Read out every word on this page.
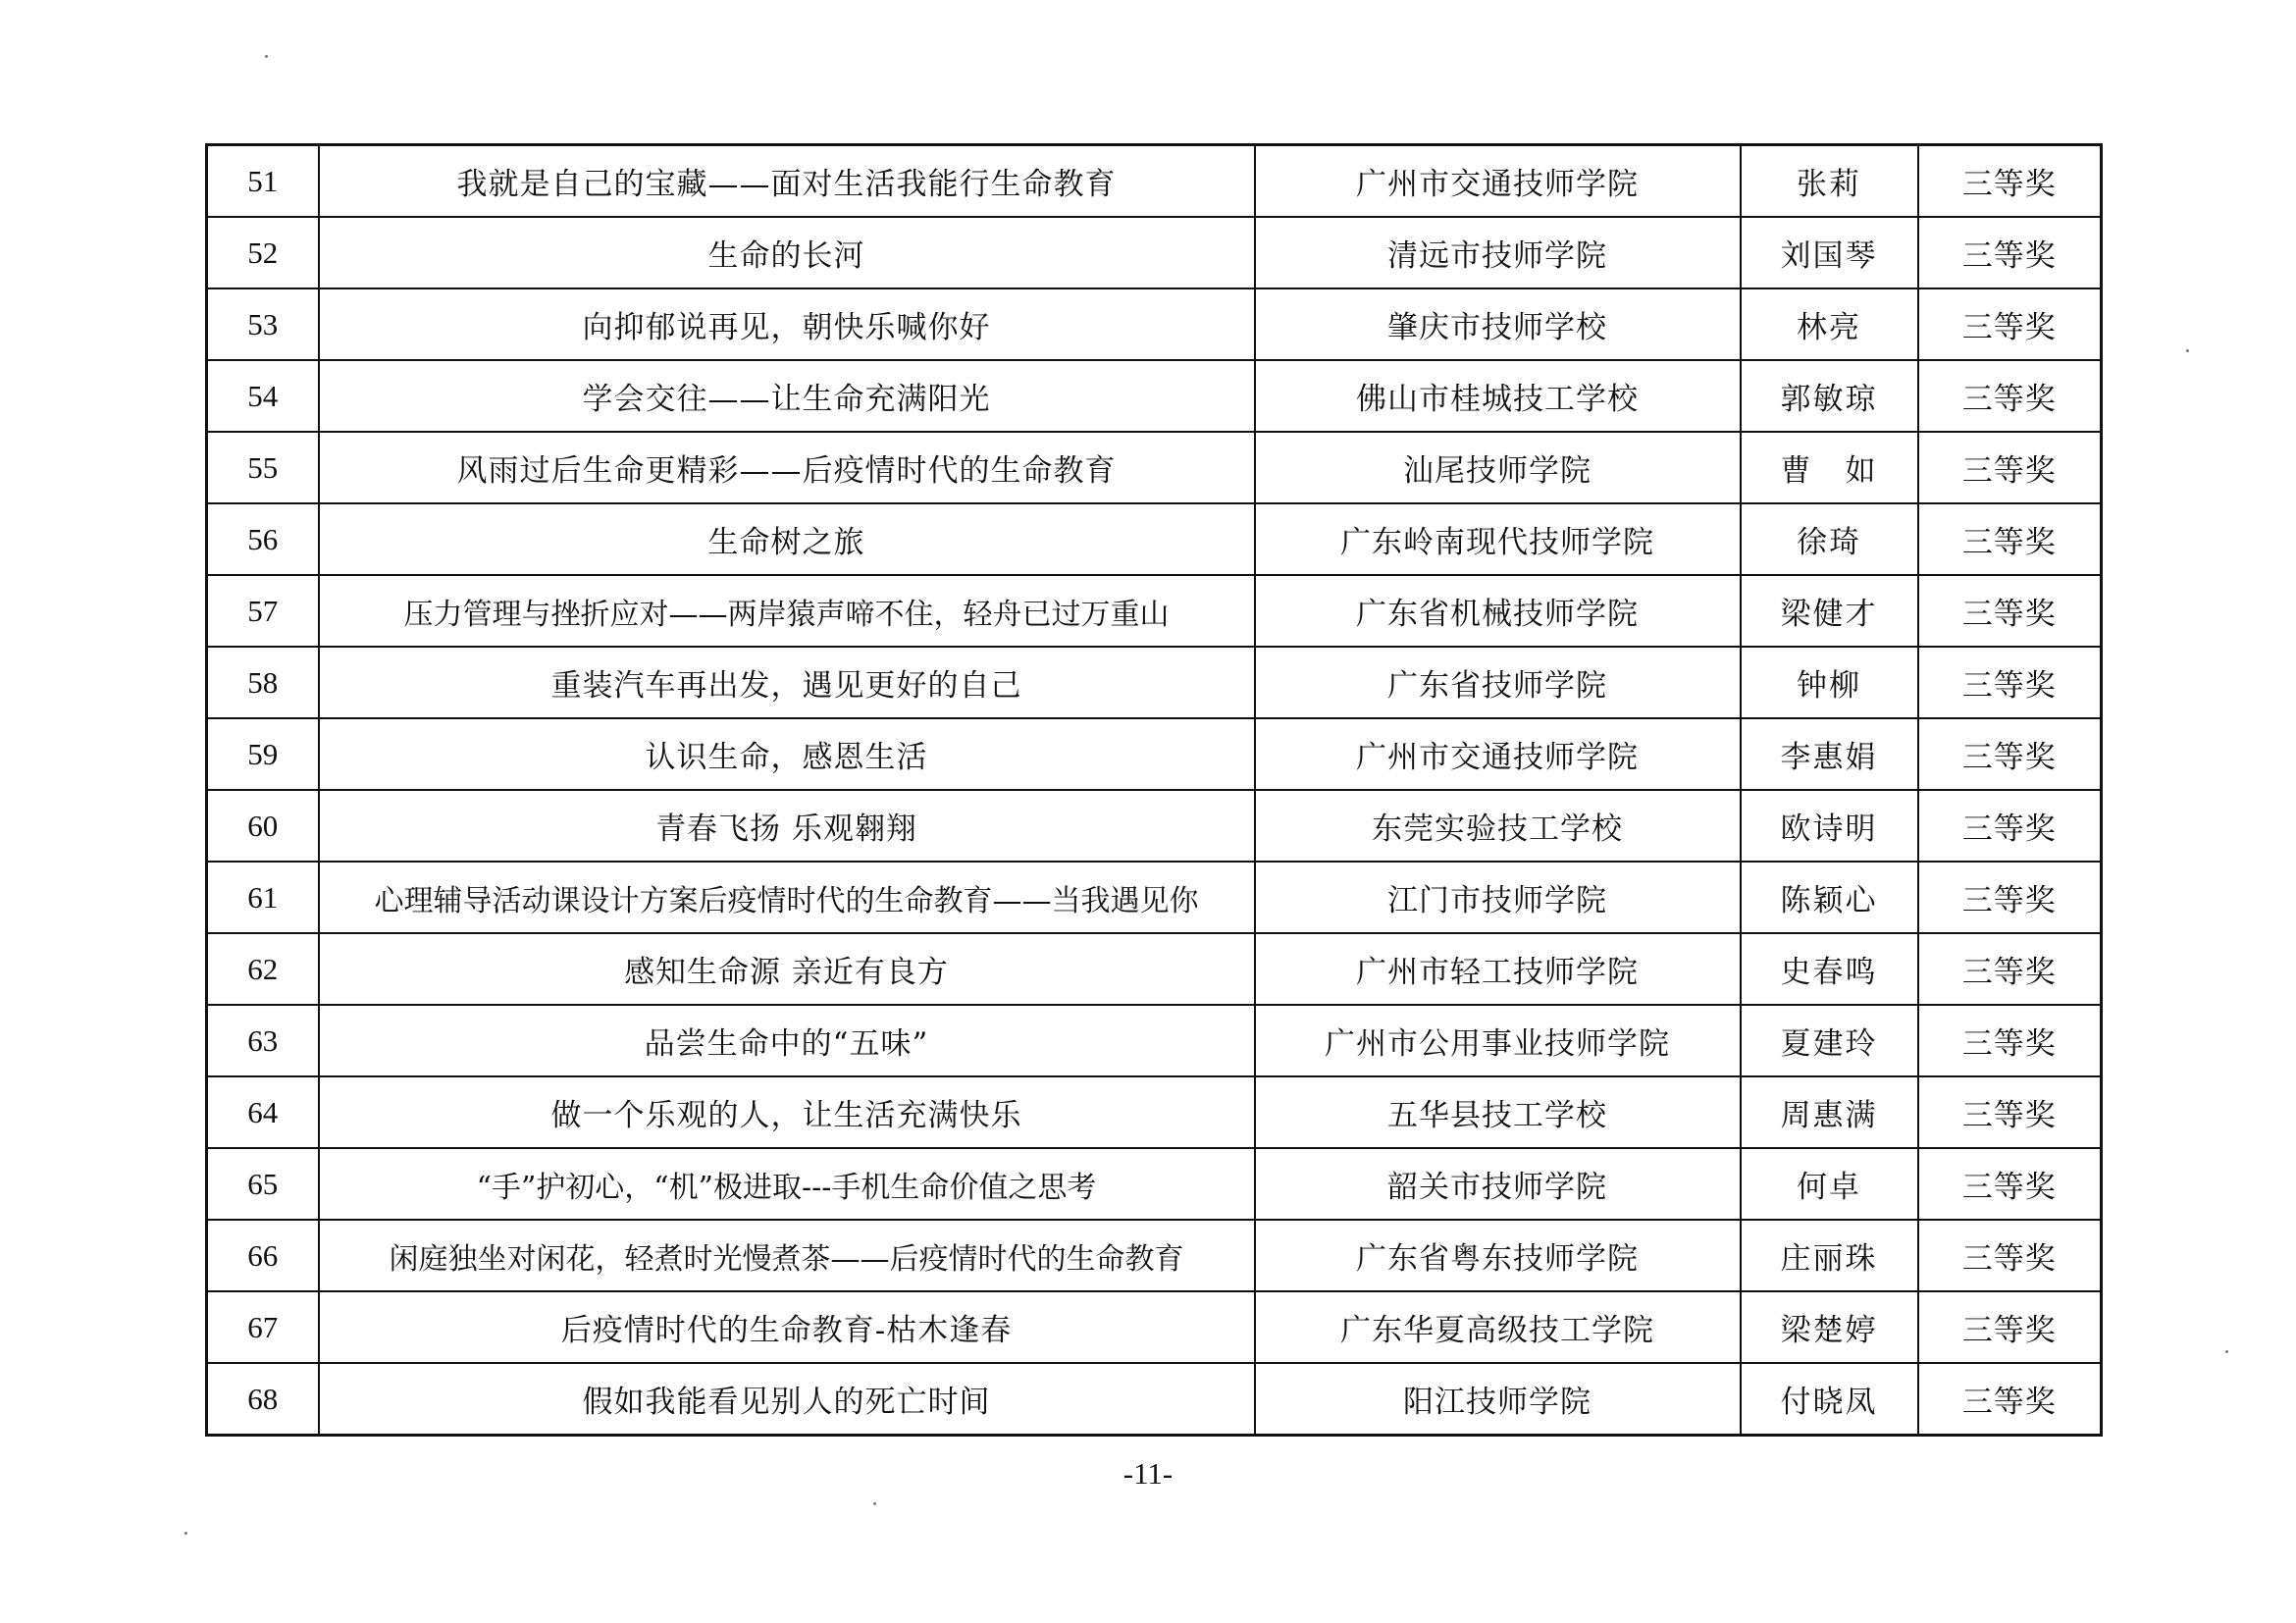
51	我就是自己的宝藏——面对生活我能行生命教育	广州市交通技师学院	张莉	三等奖
52	生命的长河	清远市技师学院	刘国琴	三等奖
53	向抑郁说再见，朝快乐喊你好	肇庆市技师学校	林亮	三等奖
54	学会交往——让生命充满阳光	佛山市桂城技工学校	郭敏琼	三等奖
55	风雨过后生命更精彩——后疫情时代的生命教育	汕尾技师学院	曹　如	三等奖
56	生命树之旅	广东岭南现代技师学院	徐琦	三等奖
57	压力管理与挫折应对——两岸猿声啼不住，轻舟已过万重山	广东省机械技师学院	梁健才	三等奖
58	重装汽车再出发，遇见更好的自己	广东省技师学院	钟柳	三等奖
59	认识生命，感恩生活	广州市交通技师学院	李惠娟	三等奖
60	青春飞扬 乐观翱翔	东莞实验技工学校	欧诗明	三等奖
61	心理辅导活动课设计方案后疫情时代的生命教育——当我遇见你	江门市技师学院	陈颖心	三等奖
62	感知生命源 亲近有良方	广州市轻工技师学院	史春鸣	三等奖
63	品尝生命中的“五味”	广州市公用事业技师学院	夏建玲	三等奖
64	做一个乐观的人，让生活充满快乐	五华县技工学校	周惠满	三等奖
65	“手”护初心，“机”极进取---手机生命价值之思考	韶关市技师学院	何卓	三等奖
66	闲庭独坐对闲花，轻煮时光慢煮茶——后疫情时代的生命教育	广东省粤东技师学院	庄丽珠	三等奖
67	后疫情时代的生命教育-枯木逢春	广东华夏高级技工学院	梁楚婷	三等奖
68	假如我能看见别人的死亡时间	阳江技师学院	付晓凤	三等奖
-11-
